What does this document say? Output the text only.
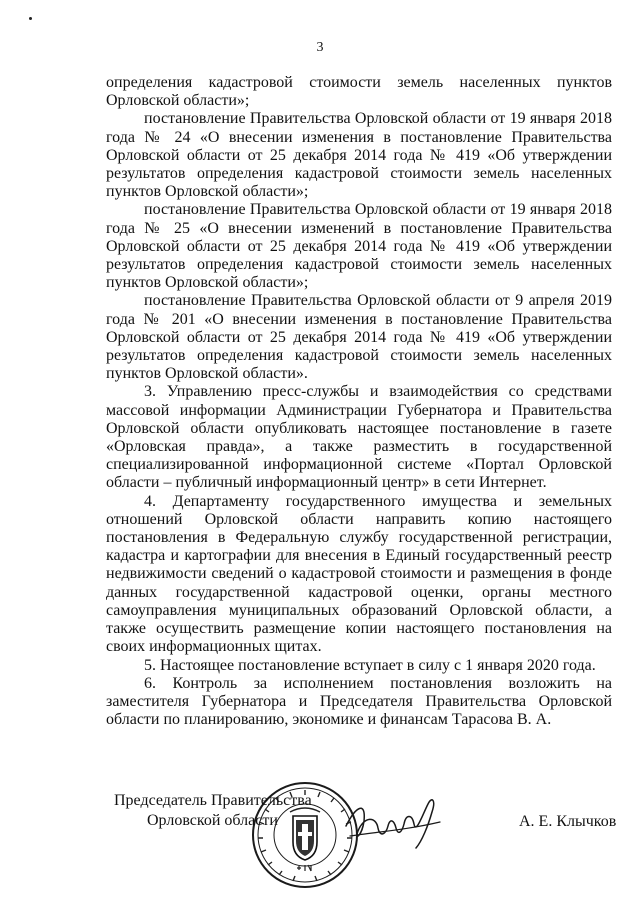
3

определения кадастровой стоимости земель населенных пунктов Орловской области»;

постановление Правительства Орловской области от 19 января 2018 года № 24 «О внесении изменения в постановление Правительства Орловской области от 25 декабря 2014 года № 419 «Об утверждении результатов определения кадастровой стоимости земель населенных пунктов Орловской области»;

постановление Правительства Орловской области от 19 января 2018 года № 25 «О внесении изменений в постановление Правительства Орловской области от 25 декабря 2014 года № 419 «Об утверждении результатов определения кадастровой стоимости земель населенных пунктов Орловской области»;

постановление Правительства Орловской области от 9 апреля 2019 года № 201 «О внесении изменения в постановление Правительства Орловской области от 25 декабря 2014 года № 419 «Об утверждении результатов определения кадастровой стоимости земель населенных пунктов Орловской области».

3. Управлению пресс-службы и взаимодействия со средствами массовой информации Администрации Губернатора и Правительства Орловской области опубликовать настоящее постановление в газете «Орловская правда», а также разместить в государственной специализированной информационной системе «Портал Орловской области – публичный информационный центр» в сети Интернет.

4. Департаменту государственного имущества и земельных отношений Орловской области направить копию настоящего постановления в Федеральную службу государственной регистрации, кадастра и картографии для внесения в Единый государственный реестр недвижимости сведений о кадастровой стоимости и размещения в фонде данных государственной кадастровой оценки, органы местного самоуправления муниципальных образований Орловской области, а также осуществить размещение копии настоящего постановления на своих информационных щитах.

5. Настоящее постановление вступает в силу с 1 января 2020 года.

6. Контроль за исполнением постановления возложить на заместителя Губернатора и Председателя Правительства Орловской области по планированию, экономике и финансам Тарасова В. А.

Председатель Правительства
Орловской области	А. Е. Клычков
